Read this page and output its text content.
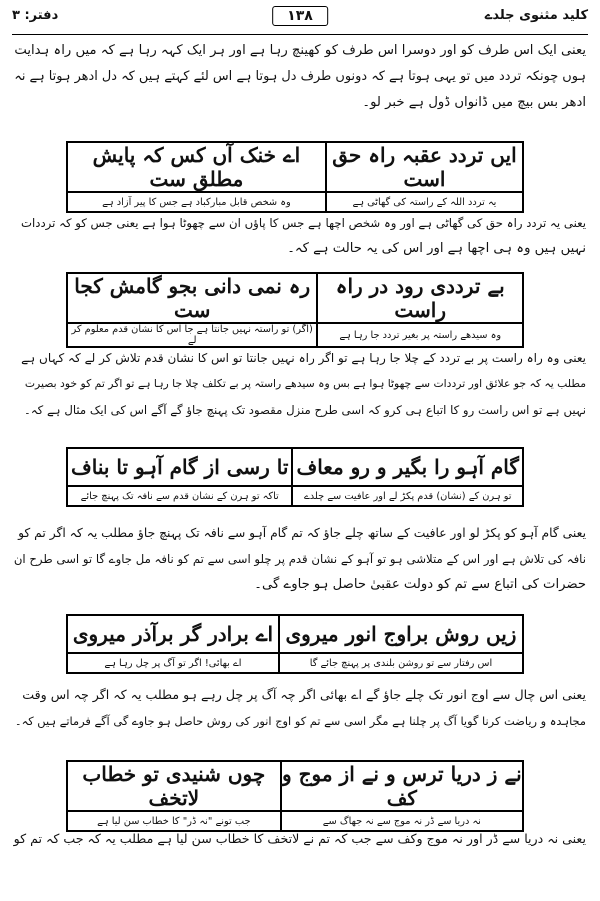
کلید مثنوی جلدے
۱۳۸
دفتر: ۳
یعنی ایک اس طرف کو اور دوسرا اس طرف کو کھینچ رہا ہے اور ہر ایک کہہ رہا ہے کہ میں راہ ہدایت
ہوں چونکہ تردد میں تو یہی ہوتا ہے کہ دونوں طرف دل ہوتا ہے اس لئے کہتے ہیں کہ دل ادھر ہوتا ہے نہ
ادھر بس بیچ میں ڈانواں ڈول ہے خبر لو۔
ایں تردد عقبہ راہ حق است	اے خنک آں کس کہ پایش مطلق ست
یہ تردد اللہ کے راستہ کی گھاٹی ہے	وہ شخص قابل مبارکباد ہے جس کا پیر آزاد ہے
یعنی یہ تردد راہ حق کی گھاٹی ہے اور وہ شخص اچھا ہے جس کا پاؤں ان سے چھوٹا ہوا ہے یعنی جس کو کہ ترددات
نہیں ہیں وہ ہی اچھا ہے اور اس کی یہ حالت ہے کہ۔
بے ترددی رود در راہ راست	رہ نمی دانی بجو گامش کجا ست
وہ سیدھے راستہ پر بغیر تردد جا رہا ہے	(اگر) تو راستہ نہیں جانتا ہے جا اس کا نشان قدم معلوم کر لے
یعنی وہ راہ راست پر بے تردد کے چلا جا رہا ہے تو اگر راہ نہیں جانتا تو اس کا نشان قدم تلاش کر لے کہ کہاں ہے
مطلب یہ کہ جو علائق اور ترددات سے چھوٹا ہوا ہے بس وہ سیدھے راستہ پر بے تکلف چلا جا رہا ہے تو اگر تم کو خود بصیرت
نہیں ہے تو اس راست رو کا اتباع ہی کرو کہ اسی طرح منزل مقصود تک پہنچ جاؤ گے آگے اس کی ایک مثال ہے کہ۔
گام آہو را بگیر و رو معاف	تا رسی از گام آہو تا بناف
تو ہرن کے (نشان) قدم پکڑ لے اور عافیت سے چلدے	تاکہ تو ہرن کے نشان قدم سے نافہ تک پہنچ جائے
یعنی گام آہو کو پکڑ لو اور عافیت کے ساتھ چلے جاؤ کہ تم گام آہو سے نافہ تک پہنچ جاؤ مطلب یہ کہ اگر تم کو
نافہ کی تلاش ہے اور اس کے متلاشی ہو تو آہو کے نشان قدم پر چلو اسی سے تم کو نافہ مل جاوے گا تو اسی طرح ان
حضرات کی اتباع سے تم کو دولت عقبیٰ حاصل ہو جاوے گی۔
زیں روش براوج انور میروی	اے برادر گر برآذر میروی
اس رفتار سے تو روشن بلندی پر پہنچ جائے گا	اے بھائی! اگر تو آگ پر چل رہا ہے
یعنی اس چال سے اوج انور تک چلے جاؤ گے اے بھائی اگر چہ آگ پر چل رہے ہو مطلب یہ کہ اگر چہ اس وقت
مجاہدہ و ریاضت کرنا گویا آگ پر چلنا ہے مگر اسی سے تم کو اوج انور کی روش حاصل ہو جاوے گی آگے فرماتے ہیں کہ۔
نے ز دریا ترس و نے از موج و کف	چوں شنیدی تو خطاب لاتخف
نہ دریا سے ڈر نہ موج سے نہ جھاگ سے	جب تونے "نہ ڈر" کا خطاب سن لیا ہے
یعنی نہ دریا سے ڈر اور نہ موج وکف سے جب کہ تم نے لاتخف کا خطاب سن لیا ہے مطلب یہ کہ جب کہ تم کو
